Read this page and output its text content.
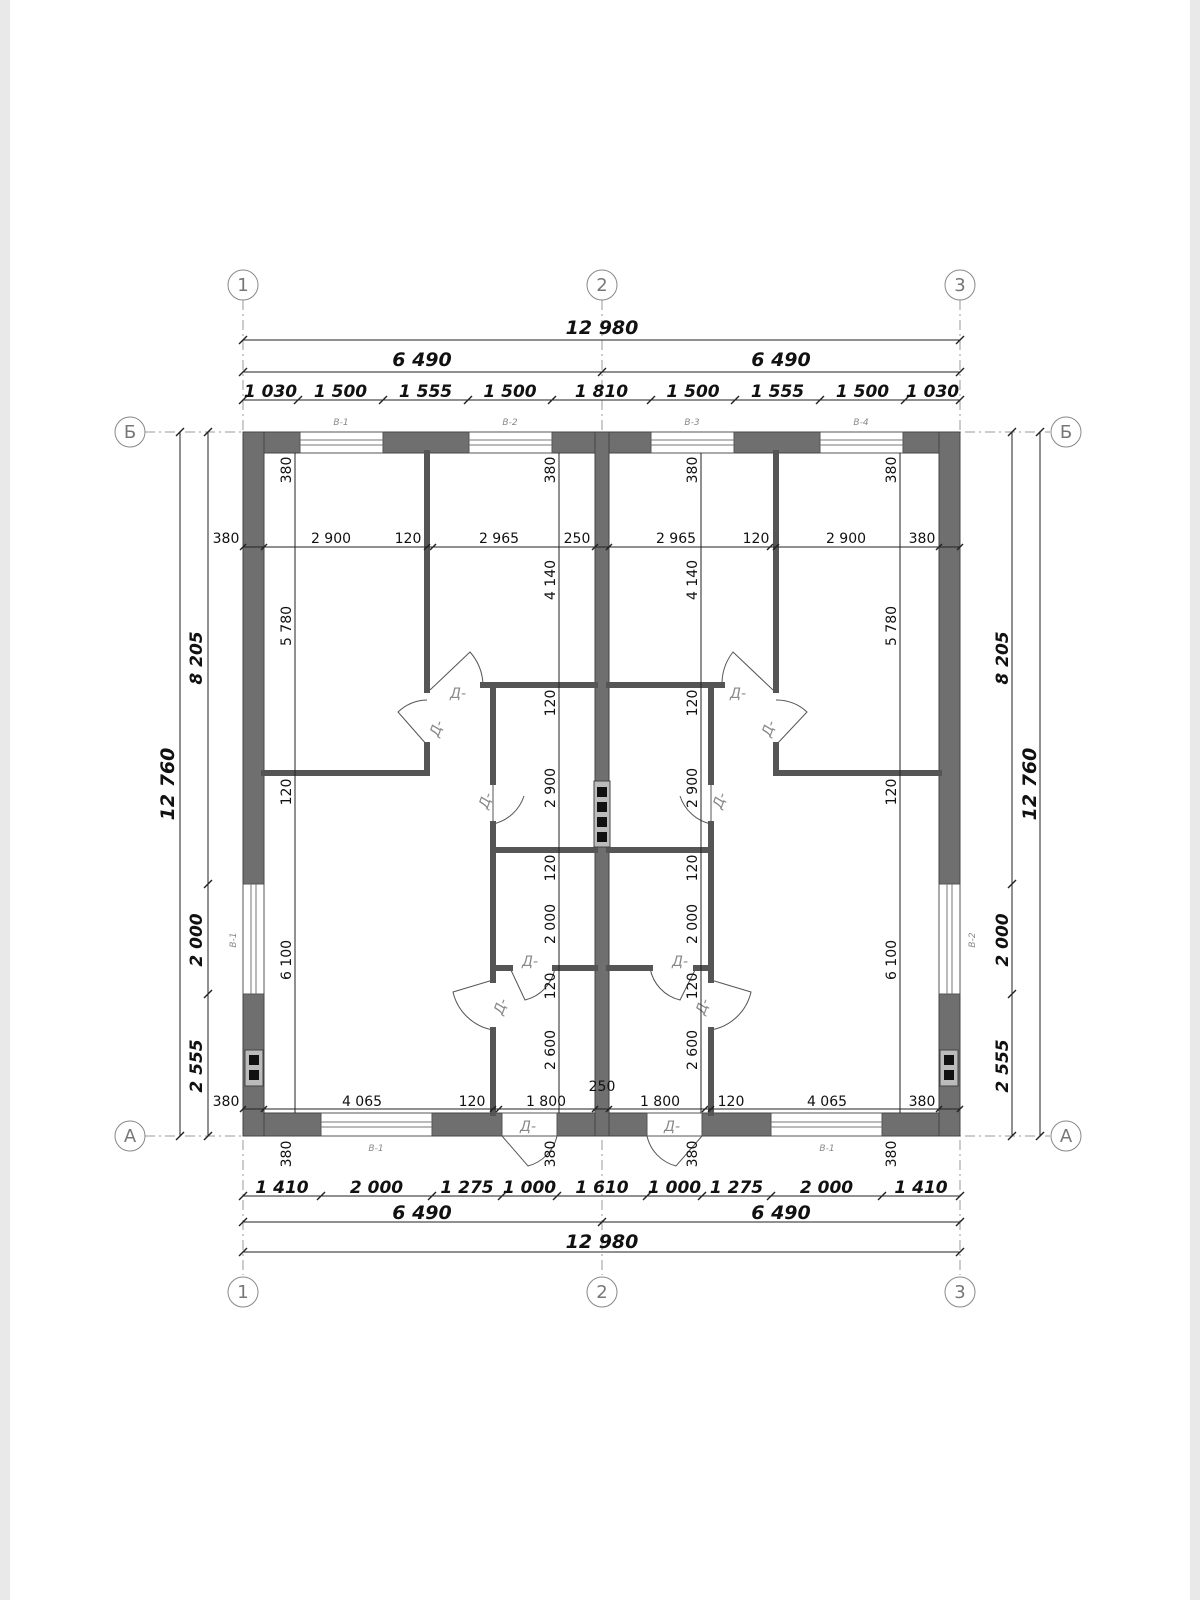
1	2	3
1	2	3
Б	Б
А	А
12 980
6 490	6 490
1 030 1 500 1 555 1 500 1 810 1 500 1 555 1 500 1 030
1 410 2 000 1 275 1 000 1 610 1 000 1 275 2 000 1 410
6 490	6 490
12 980
12 760
8 205
2 000
2 555
8 205
2 000
2 555
12 760
В-1	В-2	В-3	В-4
В-1	В-2
В-1	В-1
Д-
Д-
Д-
Д-
Д-
Д-
Д-
Д-
Д-
Д-
Д-
Д-
380	2 900	120	2 965	250	2 965	120	2 900	380
380	4 065	120	1 800
250
1 800	120	4 065	380
380
5 780
120
6 100
380
380
4 140
120
2 900
120
2 000
120
2 600
380
380
4 140
120
2 900
120
2 000
120
2 600
380
380
5 780
120
6 100
380
